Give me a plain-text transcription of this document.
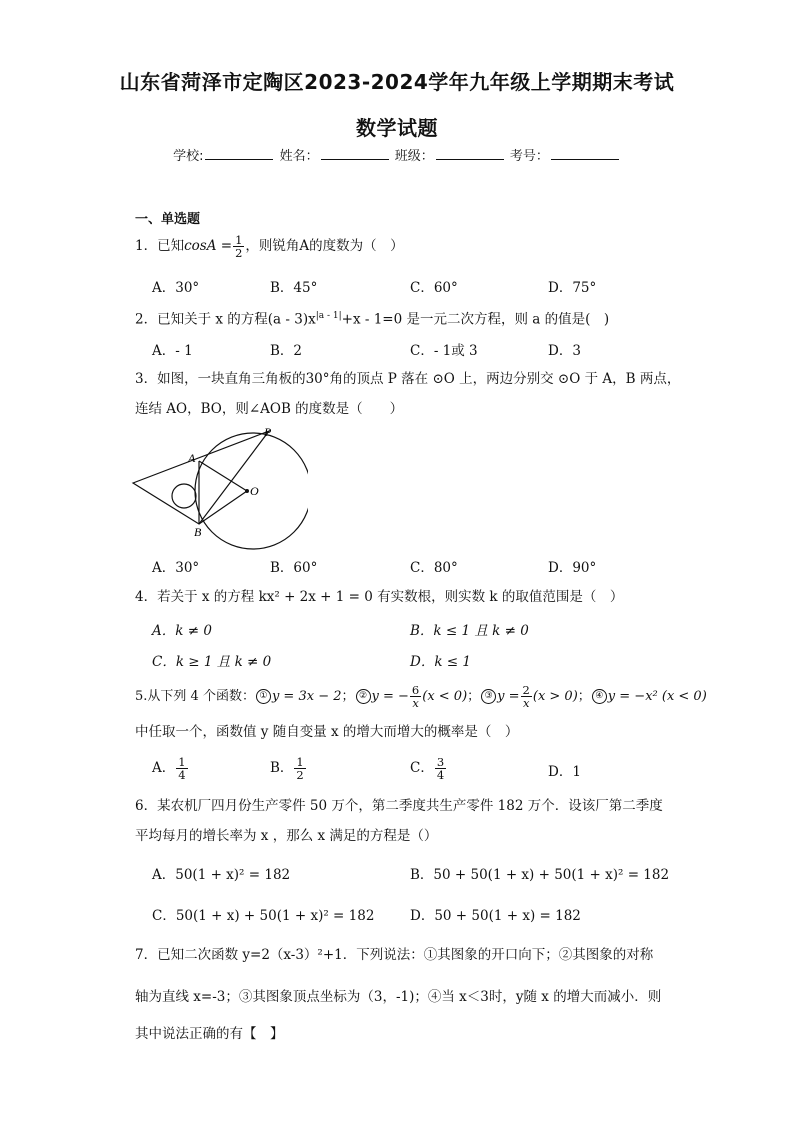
山东省菏泽市定陶区2023-2024学年九年级上学期期末考试
数学试题
学校:	姓名：	班级：	考号：
一、单选题
1．已知$\cos A = \frac{1}{2}$ ，则锐角A的度数为（　）
A．30°	B．45°	C．60°	D．75°
2．已知关于 x 的方程$(a - 3)x^{|a - 1|}+x - 1=0$ 是一元二次方程，则 a 的值是(　)
A．- 1	B．2	C．- 1或 3	D．3
3．如图，一块直角三角板的30°角的顶点 P 落在 ⊙O 上，两边分别交 ⊙O 于 A，B 两点，
连结 AO，BO，则∠AOB 的度数是（　　）
P
A
B
O
A．30°	B．60°	C．80°	D．90°
4．若关于 x 的方程 kx² + 2x + 1 = 0 有实数根，则实数 k 的取值范围是（　）
A．k ≠ 0	B．k ≤ 1 且 k ≠ 0
C．k ≥ 1 且 k ≠ 0	D．k ≤ 1
5.从下列 4 个函数： ① y = 3x − 2； ② y = − $\frac{6}{x} (x < 0)$； ③ $y = \frac{2}{x} (x > 0)$； ④ y = −x² (x < 0)
中任取一个，函数值 y 随自变量 x 的增大而增大的概率是（　）
A． $\frac{1}{4}$	B． $\frac{1}{2}$	C． $\frac{3}{4}$	D．1
6．某农机厂四月份生产零件 50 万个，第二季度共生产零件 182 万个．设该厂第二季度
平均每月的增长率为 x ，那么 x 满足的方程是（）
A．50(1 + x)² = 182	B．50 + 50(1 + x) + 50(1 + x)² = 182
C．50(1 + x) + 50(1 + x)² = 182	D．50 + 50(1 + x) = 182
7．已知二次函数 y=2（x-3）²+1．下列说法：①其图象的开口向下；②其图象的对称
轴为直线 x=-3；③其图象顶点坐标为（3，-1)；④当 x＜3时，y随 x 的增大而减小．则
其中说法正确的有【　】
